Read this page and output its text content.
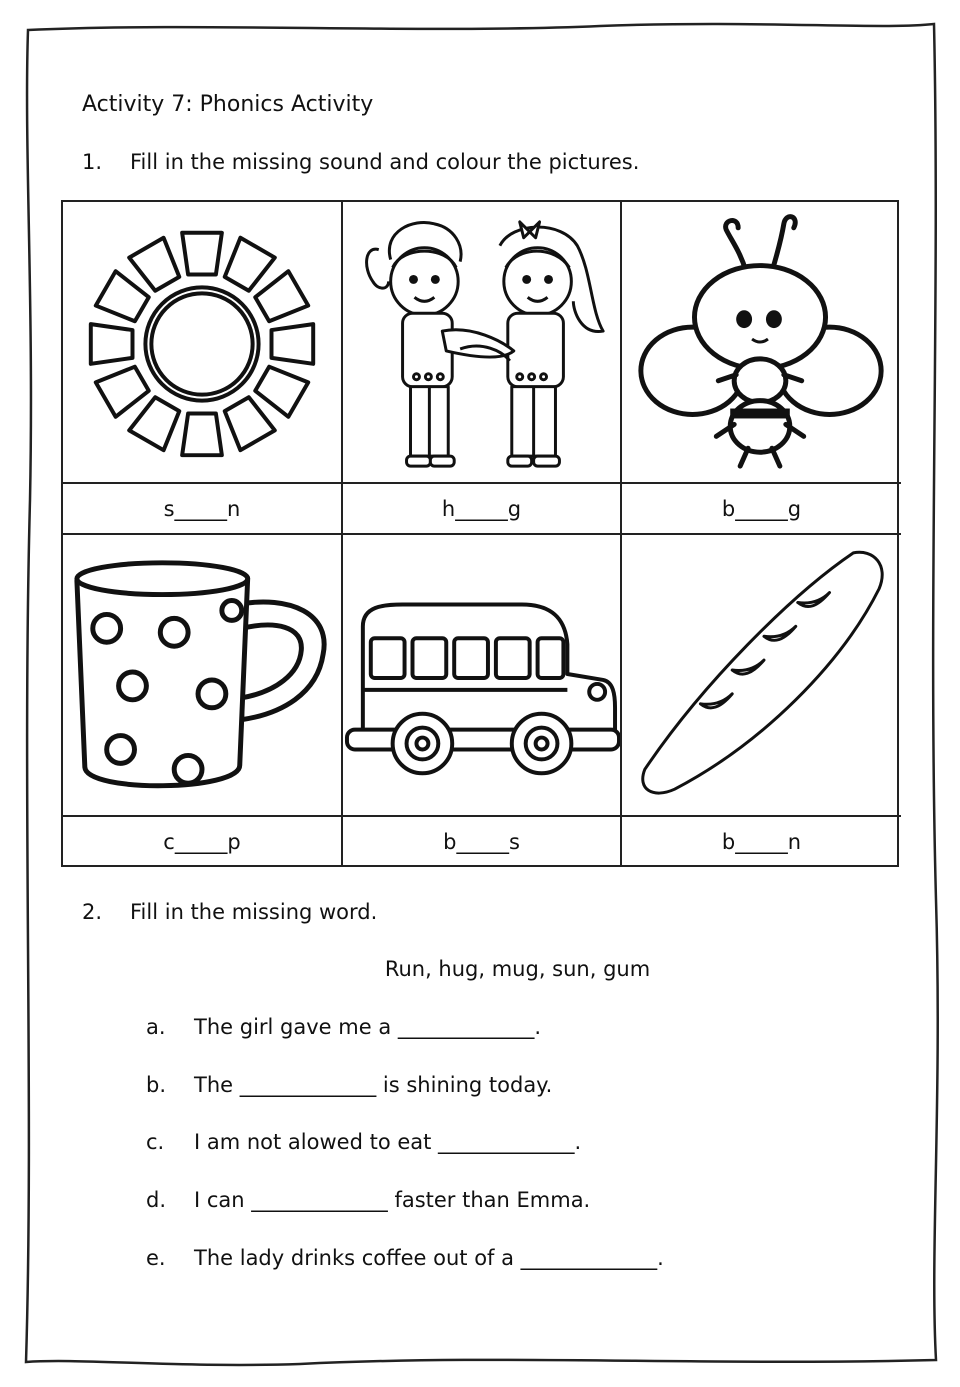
Activity 7: Phonics Activity
1. Fill in the missing sound and colour the pictures.
s_____n	h_____g	b_____g
c_____p	b_____s	b_____n
2. Fill in the missing word.
Run, hug, mug, sun, gum
a. The girl gave me a _____________.
b. The _____________ is shining today.
c. I am not alowed to eat _____________.
d. I can _____________ faster than Emma.
e. The lady drinks coffee out of a _____________.
